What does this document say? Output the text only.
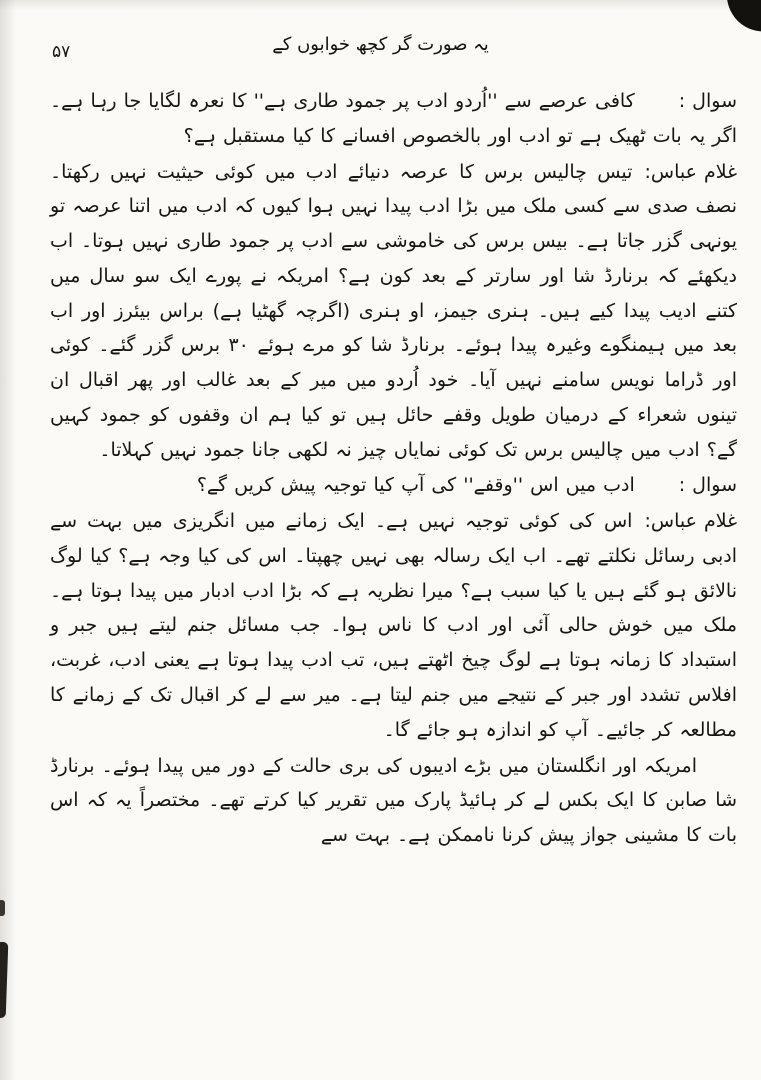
۵۷	یہ صورت گر کچھ خوابوں کے

سوال :کافی عرصے سے ''اُردو ادب پر جمود طاری ہے'' کا نعرہ لگایا جا رہا ہے۔ اگر یہ بات ٹھیک ہے تو ادب اور بالخصوص افسانے کا کیا مستقبل ہے؟

غلام عباس:تیس چالیس برس کا عرصہ دنیائے ادب میں کوئی حیثیت نہیں رکھتا۔ نصف صدی سے کسی ملک میں بڑا ادب پیدا نہیں ہوا کیوں کہ ادب میں اتنا عرصہ تو یونہی گزر جاتا ہے۔ بیس برس کی خاموشی سے ادب پر جمود طاری نہیں ہوتا۔ اب دیکھئے کہ برنارڈ شا اور سارتر کے بعد کون ہے؟ امریکہ نے پورے ایک سو سال میں کتنے ادیب پیدا کیے ہیں۔ ہنری جیمز، او ہنری (اگرچہ گھٹیا ہے) براس بیئرز اور اب بعد میں ہیمنگوے وغیرہ پیدا ہوئے۔ برنارڈ شا کو مرے ہوئے ۳۰ برس گزر گئے۔ کوئی اور ڈراما نویس سامنے نہیں آیا۔ خود اُردو میں میر کے بعد غالب اور پھر اقبال ان تینوں شعراء کے درمیان طویل وقفے حائل ہیں تو کیا ہم ان وقفوں کو جمود کہیں گے؟ ادب میں چالیس برس تک کوئی نمایاں چیز نہ لکھی جانا جمود نہیں کہلاتا۔

سوال :ادب میں اس ''وقفے'' کی آپ کیا توجیہ پیش کریں گے؟

غلام عباس:اس کی کوئی توجیہ نہیں ہے۔ ایک زمانے میں انگریزی میں بہت سے ادبی رسائل نکلتے تھے۔ اب ایک رسالہ بھی نہیں چھپتا۔ اس کی کیا وجہ ہے؟ کیا لوگ نالائق ہو گئے ہیں یا کیا سبب ہے؟ میرا نظریہ ہے کہ بڑا ادب ادبار میں پیدا ہوتا ہے۔ ملک میں خوش حالی آئی اور ادب کا ناس ہوا۔ جب مسائل جنم لیتے ہیں جبر و استبداد کا زمانہ ہوتا ہے لوگ چیخ اٹھتے ہیں، تب ادب پیدا ہوتا ہے یعنی ادب، غربت، افلاس تشدد اور جبر کے نتیجے میں جنم لیتا ہے۔ میر سے لے کر اقبال تک کے زمانے کا مطالعہ کر جائیے۔ آپ کو اندازہ ہو جائے گا۔

امریکہ اور انگلستان میں بڑے ادیبوں کی بری حالت کے دور میں پیدا ہوئے۔ برنارڈ شا صابن کا ایک بکس لے کر ہائیڈ پارک میں تقریر کیا کرتے تھے۔ مختصراً یہ کہ اس بات کا مشینی جواز پیش کرنا ناممکن ہے۔ بہت سے
